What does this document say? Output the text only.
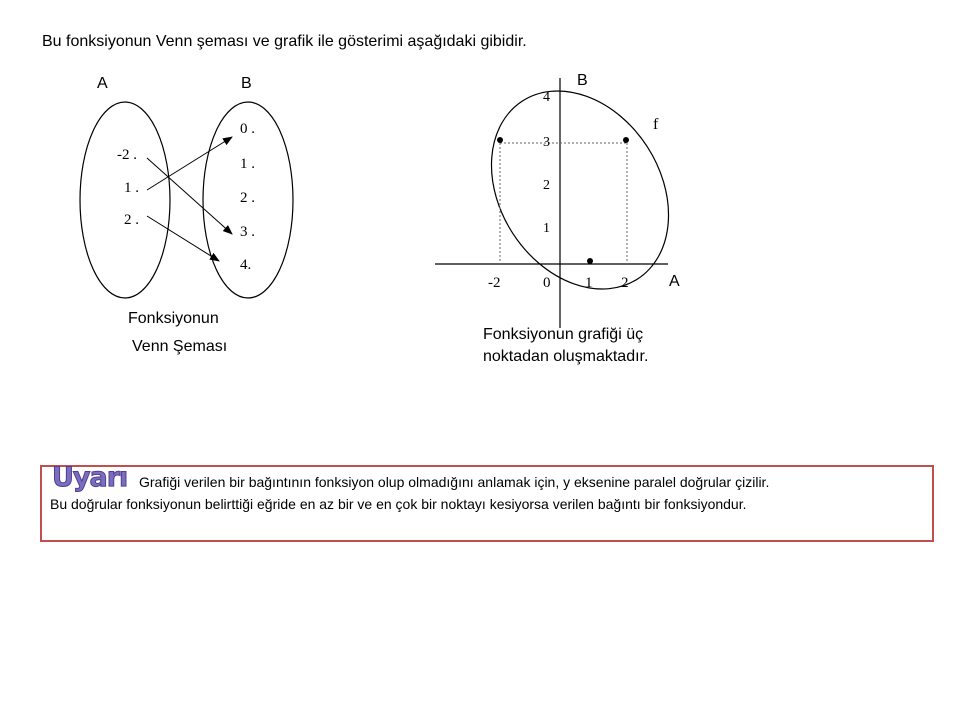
Bu fonksiyonun Venn şeması ve grafik ile gösterimi aşağıdaki gibidir.
A	B
-2 .
1 .
2 .
0 .
1 .
2 .
3 .
4.
Fonksiyonun
Venn Şeması
B
A
f
4
3
2
1
-2	0 1 2
Fonksiyonun grafiği üç
noktadan oluşmaktadır.
Uyarı Grafiği verilen bir bağıntının fonksiyon olup olmadığını anlamak için, y eksenine paralel doğrular çizilir.
Bu doğrular fonksiyonun belirttiği eğride en az bir ve en çok bir noktayı kesiyorsa verilen bağıntı bir fonksiyondur.
